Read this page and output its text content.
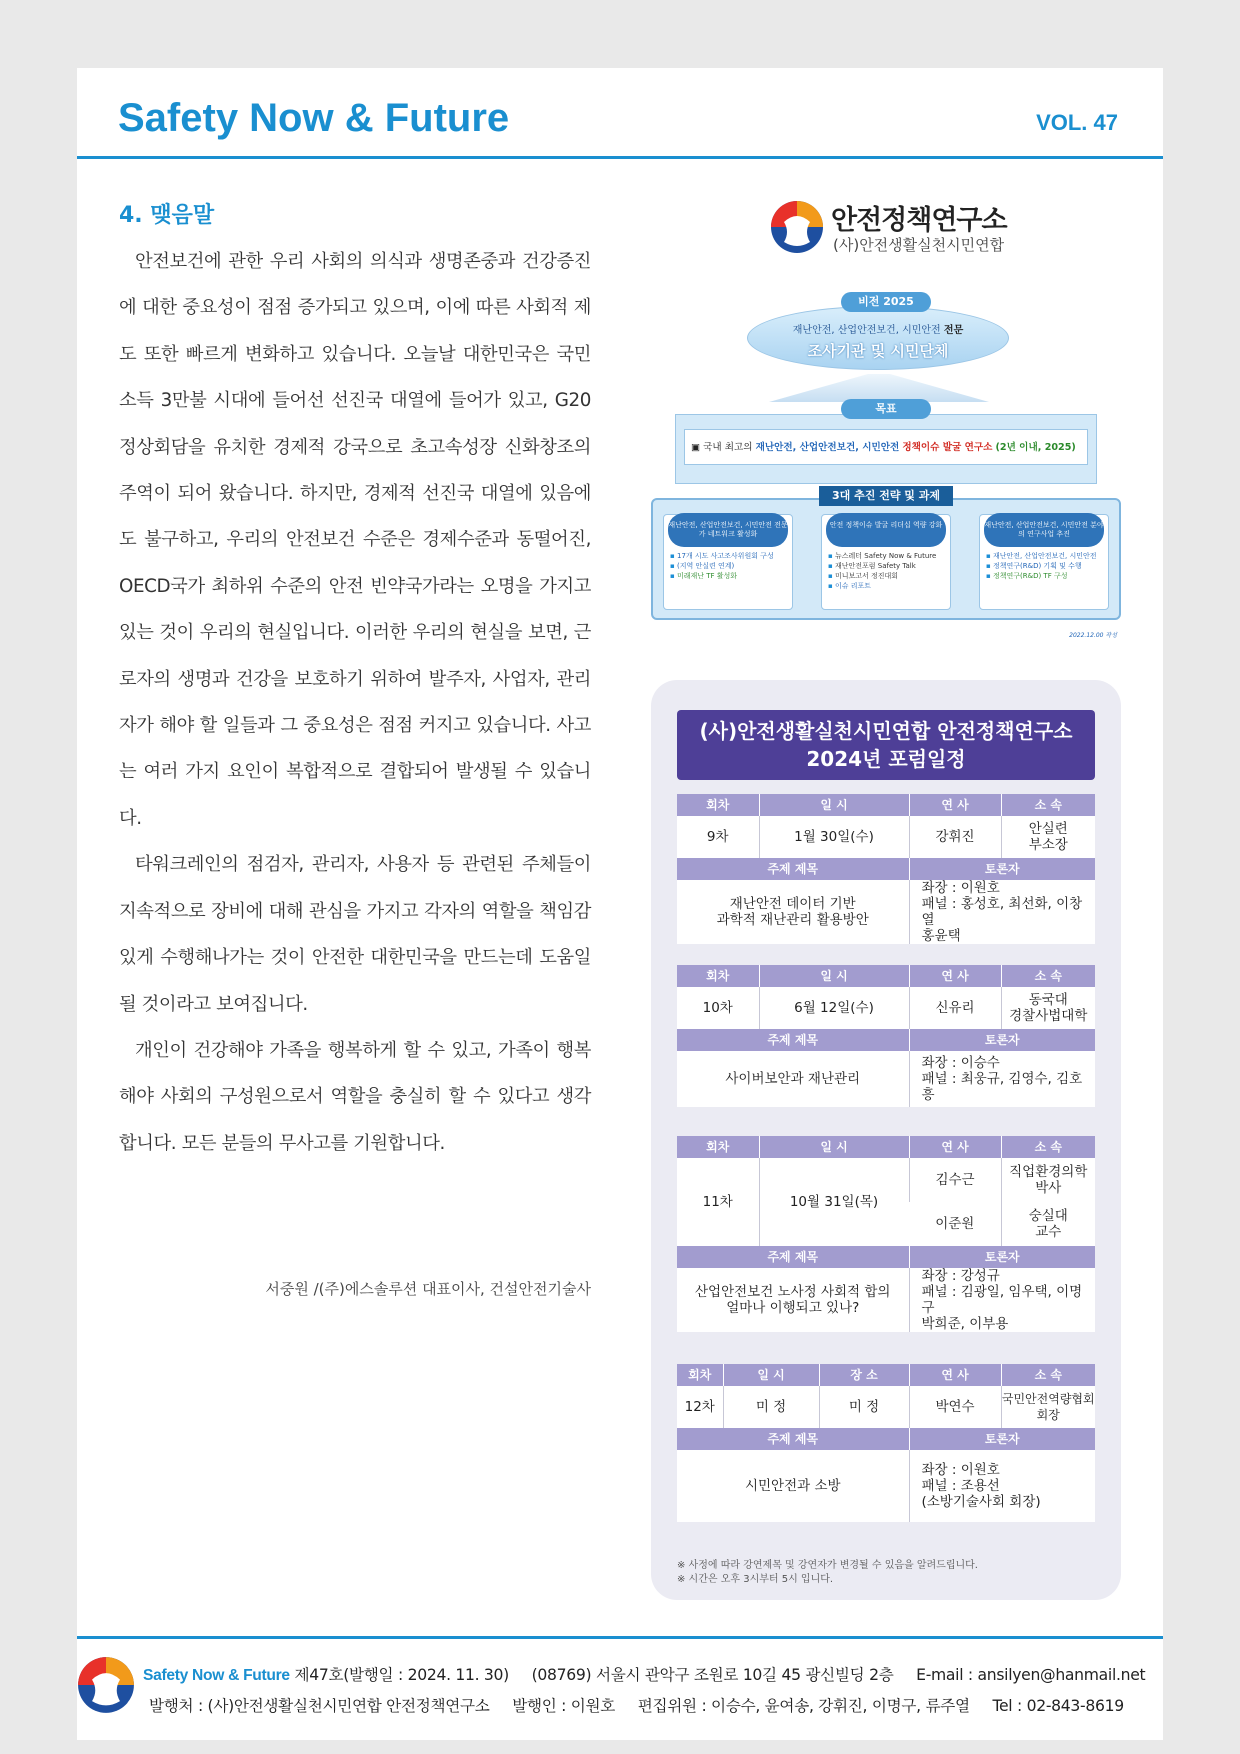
Safety Now & Future	VOL. 47
4. 맺음말

안전보건에 관한 우리 사회의 의식과 생명존중과 건강증진에 대한 중요성이 점점 증가되고 있으며, 이에 따른 사회적 제도 또한 빠르게 변화하고 있습니다. 오늘날 대한민국은 국민소득 3만불 시대에 들어선 선진국 대열에 들어가 있고, G20 정상회담을 유치한 경제적 강국으로 초고속성장 신화창조의 주역이 되어 왔습니다. 하지만, 경제적 선진국 대열에 있음에도 불구하고, 우리의 안전보건 수준은 경제수준과 동떨어진, OECD국가 최하위 수준의 안전 빈약국가라는 오명을 가지고 있는 것이 우리의 현실입니다. 이러한 우리의 현실을 보면, 근로자의 생명과 건강을 보호하기 위하여 발주자, 사업자, 관리자가 해야 할 일들과 그 중요성은 점점 커지고 있습니다. 사고는 여러 가지 요인이 복합적으로 결합되어 발생될 수 있습니다.

타워크레인의 점검자, 관리자, 사용자 등 관련된 주체들이 지속적으로 장비에 대해 관심을 가지고 각자의 역할을 책임감 있게 수행해나가는 것이 안전한 대한민국을 만드는데 도움일 될 것이라고 보여집니다.

개인이 건강해야 가족을 행복하게 할 수 있고, 가족이 행복해야 사회의 구성원으로서 역할을 충실히 할 수 있다고 생각합니다. 모든 분들의 무사고를 기원합니다.

서중원 /(주)에스솔루션 대표이사, 건설안전기술사
안전정책연구소
(사)안전생활실천시민연합
재난안전, 산업안전보건, 시민안전 전문
조사기관 및 시민단체
비전 2025
▣ 국내 최고의 재난안전, 산업안전보건, 시민안전 정책이슈 발굴 연구소 (2년 이내, 2025)
목표
재난안전, 산업안전보건, 시민안전 전문가 네트워크 활성화
▪ 17개 시도 사고조사위원회 구성
▪ (지역 안실련 연계)
▪ 미래재난 TF 활성화
안전 정책이슈 발굴 리더십 역량 강화
▪ 뉴스레터 Safety Now & Future
▪ 재난안전포럼 Safety Talk
▪ 미니보고서 정진대회
▪ 이슈 리포트
재난안전, 산업안전보건, 시민안전 분야의 연구사업 추진
▪ 재난안전, 산업안전보건, 시민안전
▪ 정책연구(R&D) 기획 및 수행
▪ 정책연구(R&D) TF 구성
3대 추진 전략 및 과제
2022.12.00 작성
(사)안전생활실천시민연합 안전정책연구소
2024년 포럼일정
회차	일 시	연 사	소 속
9차	1월 30일(수)	강휘진	안실련
부소장
주제 제목		토론자	
재난안전 데이터 기반
과학적 재난관리 활용방안		좌장 : 이원호
패널 : 홍성호, 최선화, 이창열
홍윤택	
회차	일 시	연 사	소 속
10차	6월 12일(수)	신유리	동국대
경찰사법대학
주제 제목		토론자	
사이버보안과 재난관리		좌장 : 이승수
패널 : 최웅규, 김영수, 김호흥	
회차	일 시	연 사	소 속
11차	10월 31일(목)	김수근	직업환경의학
박사
		이준원	숭실대
교수
주제 제목		토론자	
산업안전보건 노사정 사회적 합의
얼마나 이행되고 있나?		좌장 : 강성규
패널 : 김광일, 임우택, 이명구
박희준, 이부용	
회차	일 시	장 소	연 사	소 속
12차	미 정	미 정	박연수	국민안전역량협회
회장
주제 제목			토론자	
시민안전과 소방			좌장 : 이원호
패널 : 조용선
(소방기술사회 회장)	
※ 사정에 따라 강연제목 및 강연자가 변경될 수 있음을 알려드립니다.
※ 시간은 오후 3시부터 5시 입니다.
Safety Now & Future 제47호(발행일 : 2024. 11. 30) (08769) 서울시 관악구 조원로 10길 45 광신빌딩 2층 E-mail : ansilyen@hanmail.net
발행처 : (사)안전생활실천시민연합 안전정책연구소 발행인 : 이원호 편집위원 : 이승수, 윤여송, 강휘진, 이명구, 류주열 Tel : 02-843-8619
